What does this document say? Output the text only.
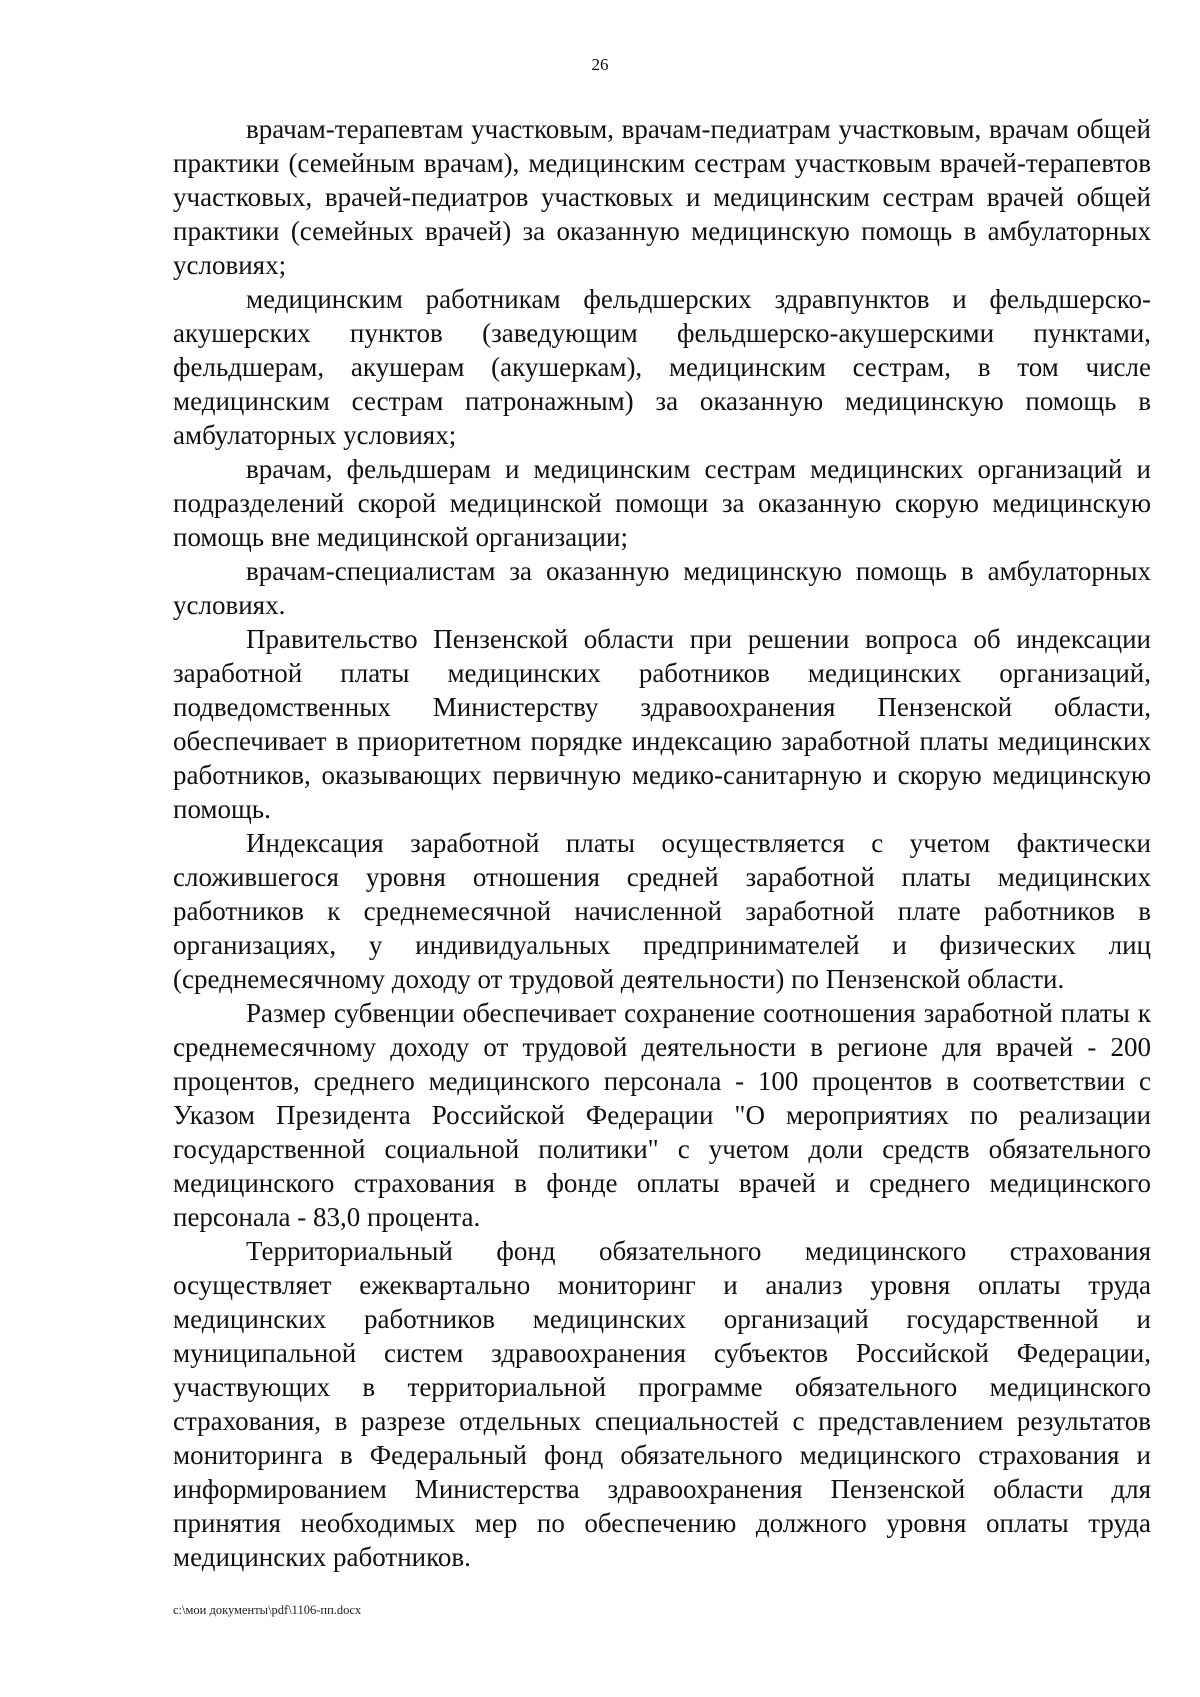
26

врачам-терапевтам участковым, врачам-педиатрам участковым, врачам общей практики (семейным врачам), медицинским сестрам участковым врачей-терапевтов участковых, врачей-педиатров участковых и медицинским сестрам врачей общей практики (семейных врачей) за оказанную медицинскую помощь в амбулаторных условиях;

медицинским работникам фельдшерских здравпунктов и фельдшерско-акушерских пунктов (заведующим фельдшерско-акушерскими пунктами, фельдшерам, акушерам (акушеркам), медицинским сестрам, в том числе медицинским сестрам патронажным) за оказанную медицинскую помощь в амбулаторных условиях;

врачам, фельдшерам и медицинским сестрам медицинских организаций и подразделений скорой медицинской помощи за оказанную скорую медицинскую помощь вне медицинской организации;

врачам-специалистам за оказанную медицинскую помощь в амбулаторных условиях.

Правительство Пензенской области при решении вопроса об индексации заработной платы медицинских работников медицинских организаций, подведомственных Министерству здравоохранения Пензенской области, обеспечивает в приоритетном порядке индексацию заработной платы медицинских работников, оказывающих первичную медико-санитарную и скорую медицинскую помощь.

Индексация заработной платы осуществляется с учетом фактически сложившегося уровня отношения средней заработной платы медицинских работников к среднемесячной начисленной заработной плате работников в организациях, у индивидуальных предпринимателей и физических лиц (среднемесячному доходу от трудовой деятельности) по Пензенской области.

Размер субвенции обеспечивает сохранение соотношения заработной платы к среднемесячному доходу от трудовой деятельности в регионе для врачей - 200 процентов, среднего медицинского персонала - 100 процентов в соответствии с Указом Президента Российской Федерации "О мероприятиях по реализации государственной социальной политики" с учетом доли средств обязательного медицинского страхования в фонде оплаты врачей и среднего медицинского персонала - 83,0 процента.

Территориальный фонд обязательного медицинского страхования осуществляет ежеквартально мониторинг и анализ уровня оплаты труда медицинских работников медицинских организаций государственной и муниципальной систем здравоохранения субъектов Российской Федерации, участвующих в территориальной программе обязательного медицинского страхования, в разрезе отдельных специальностей с представлением результатов мониторинга в Федеральный фонд обязательного медицинского страхования и информированием Министерства здравоохранения Пензенской области для принятия необходимых мер по обеспечению должного уровня оплаты труда медицинских работников.

c:\мои документы\pdf\1106-пп.docx
